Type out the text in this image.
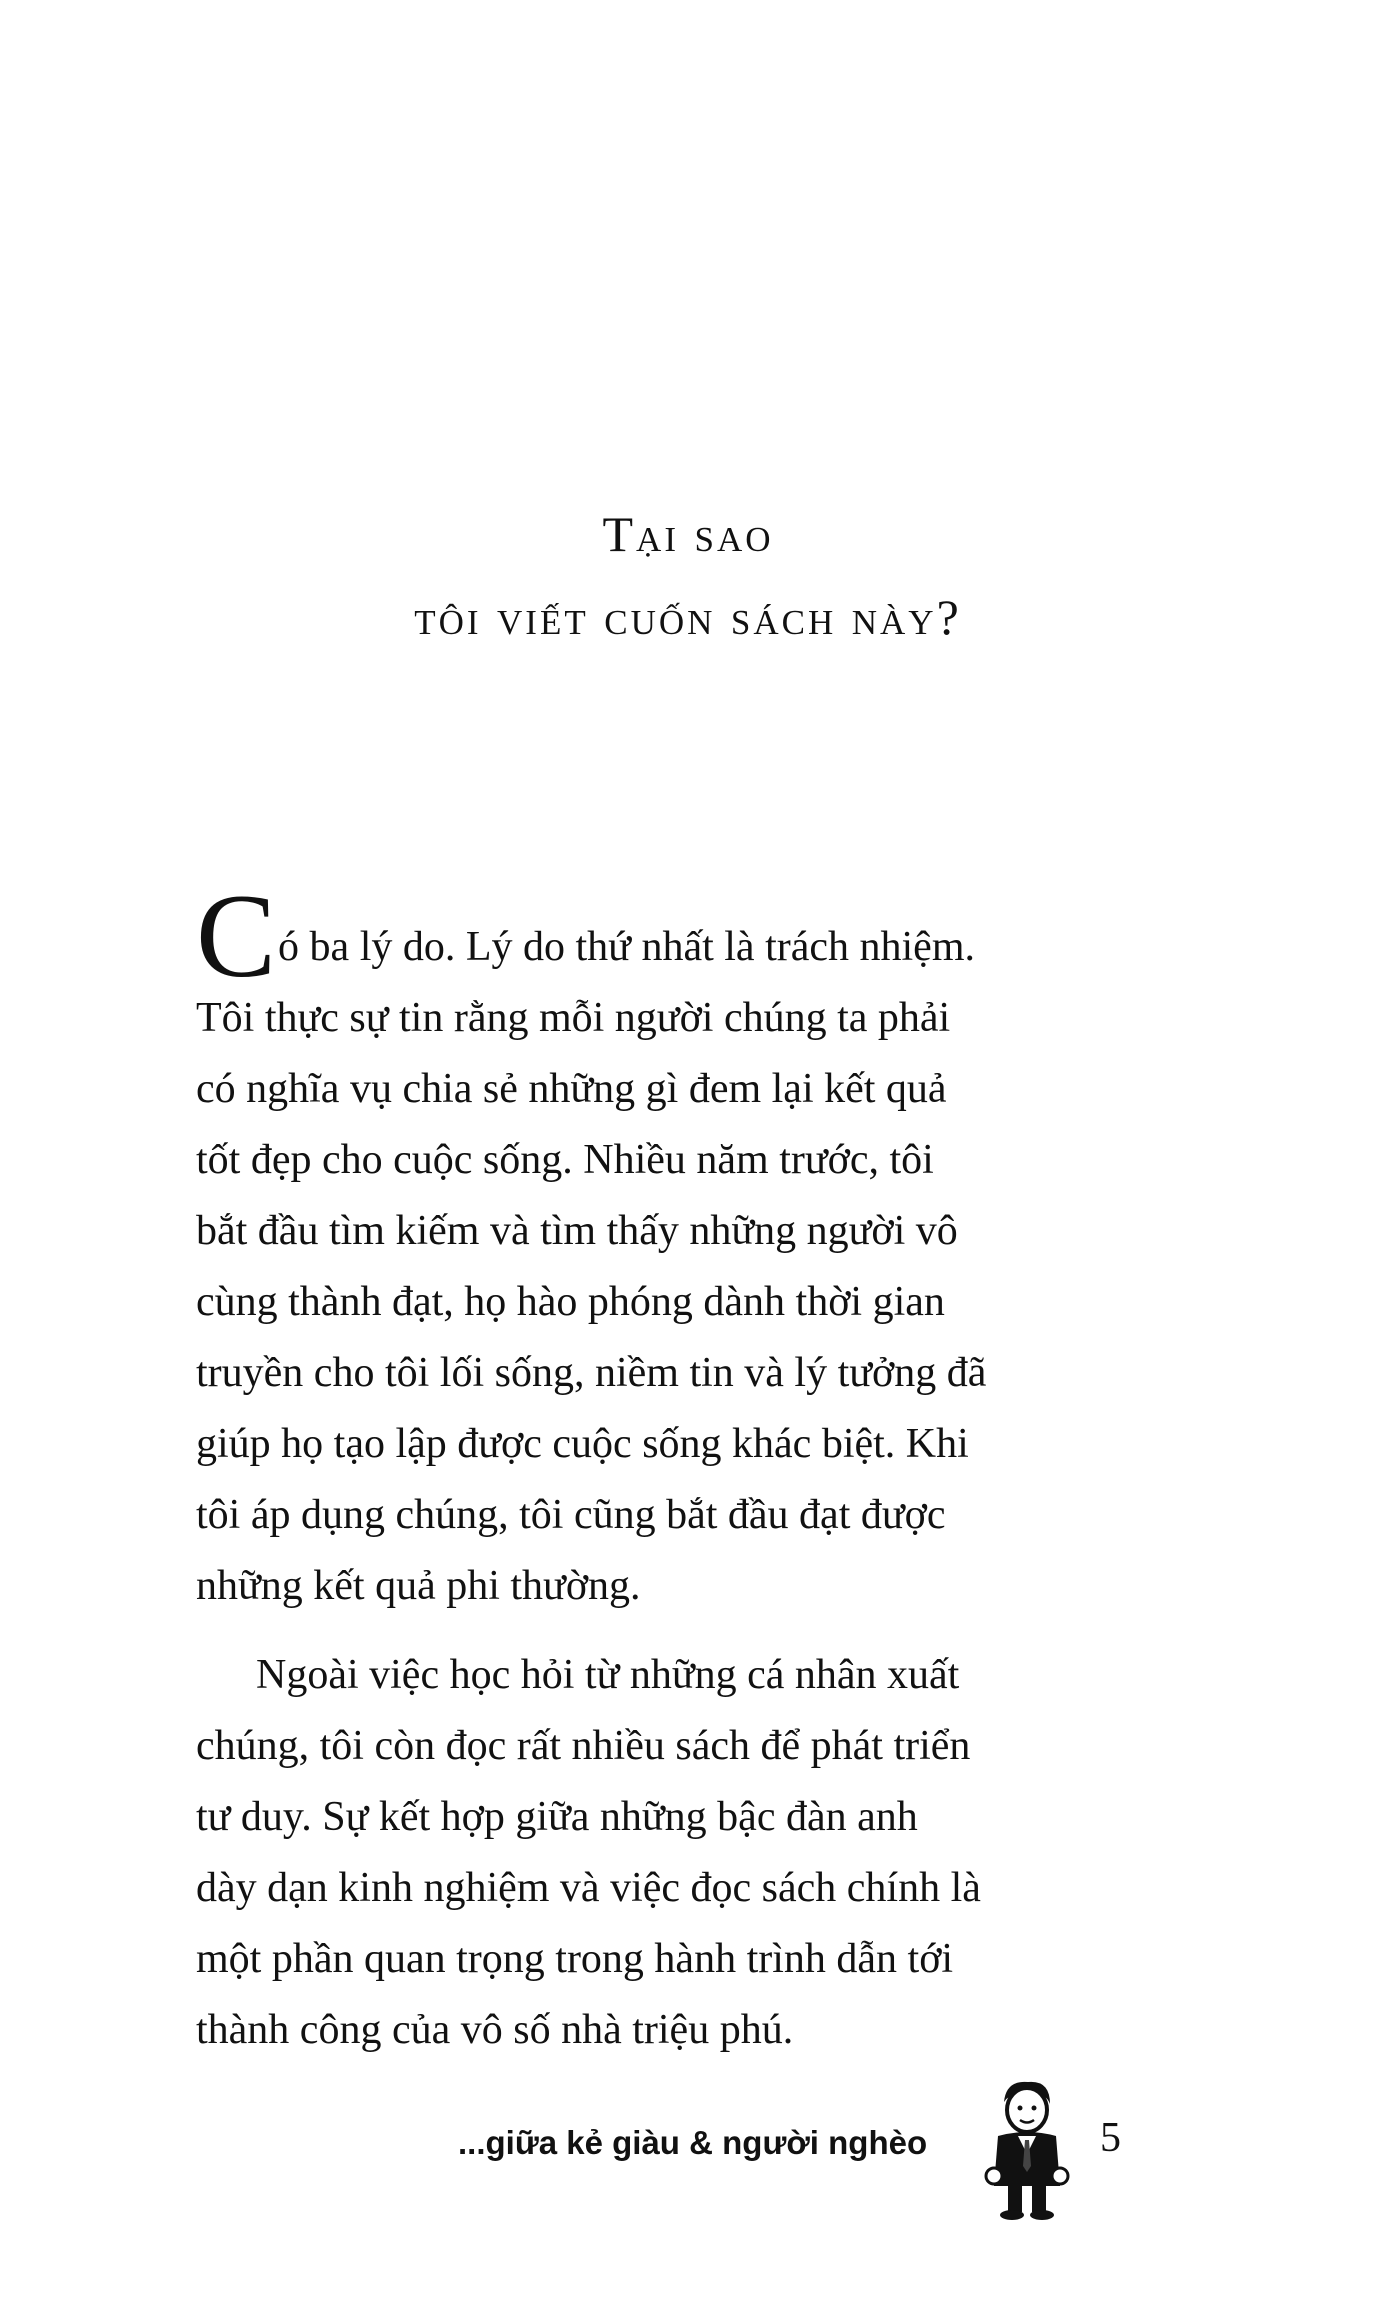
Tại sao
tôi viết cuốn sách này?

Có ba lý do. Lý do thứ nhất là trách nhiệm.
Tôi thực sự tin rằng mỗi người chúng ta phải
có nghĩa vụ chia sẻ những gì đem lại kết quả
tốt đẹp cho cuộc sống. Nhiều năm trước, tôi
bắt đầu tìm kiếm và tìm thấy những người vô
cùng thành đạt, họ hào phóng dành thời gian
truyền cho tôi lối sống, niềm tin và lý tưởng đã
giúp họ tạo lập được cuộc sống khác biệt. Khi
tôi áp dụng chúng, tôi cũng bắt đầu đạt được
những kết quả phi thường.

Ngoài việc học hỏi từ những cá nhân xuất
chúng, tôi còn đọc rất nhiều sách để phát triển
tư duy. Sự kết hợp giữa những bậc đàn anh
dày dạn kinh nghiệm và việc đọc sách chính là
một phần quan trọng trong hành trình dẫn tới
thành công của vô số nhà triệu phú.

...giữa kẻ giàu & người nghèo	5
